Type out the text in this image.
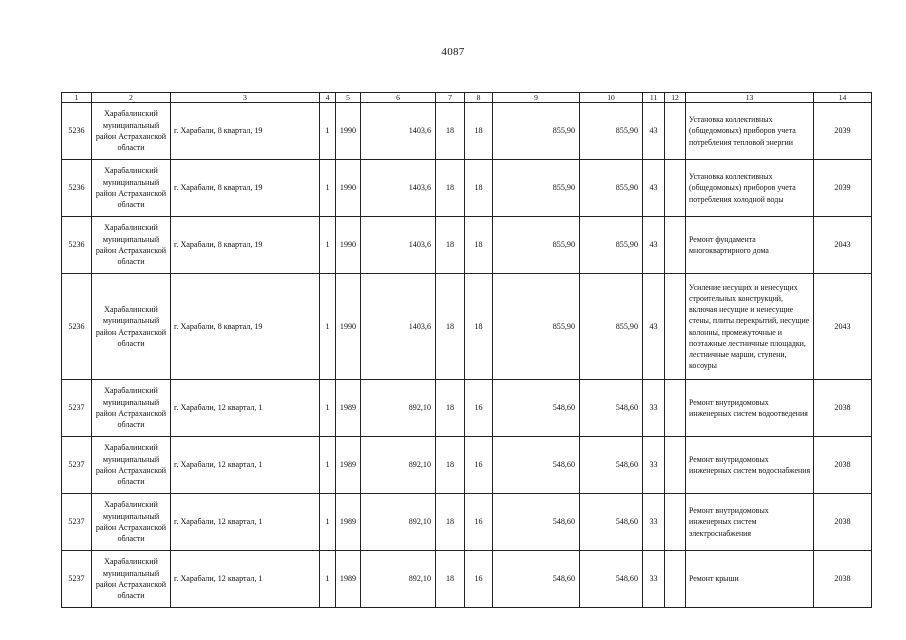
4087
1	2	3	4	5	6	7	8	9	10	11	12	13	14
5236	Харабалинский муниципальный район Астраханской области	г. Харабали, 8 квартал, 19	1	1990	1403,6	18	18	855,90	855,90	43		Установка коллективных (общедомовых) приборов учета потребления тепловой энергии	2039
5236	Харабалинский муниципальный район Астраханской области	г. Харабали, 8 квартал, 19	1	1990	1403,6	18	18	855,90	855,90	43		Установка коллективных (общедомовых) приборов учета потребления холодной воды	2039
5236	Харабалинский муниципальный район Астраханской области	г. Харабали, 8 квартал, 19	1	1990	1403,6	18	18	855,90	855,90	43		Ремонт фундамента многоквартирного дома	2043
5236	Харабалинский муниципальный район Астраханской области	г. Харабали, 8 квартал, 19	1	1990	1403,6	18	18	855,90	855,90	43		Усиление несущих и ненесущих строительных конструкций, включая несущие и ненесущие стены, плиты перекрытий, несущие колонны, промежуточные и поэтажные лестничные площадки, лестничные марши, ступени, косоуры	2043
5237	Харабалинский муниципальный район Астраханской области	г. Харабали, 12 квартал, 1	1	1989	892,10	18	16	548,60	548,60	33		Ремонт внутридомовых инженерных систем водоотведения	2038
5237	Харабалинский муниципальный район Астраханской области	г. Харабали, 12 квартал, 1	1	1989	892,10	18	16	548,60	548,60	33		Ремонт внутридомовых инженерных систем водоснабжения	2038
5237	Харабалинский муниципальный район Астраханской области	г. Харабали, 12 квартал, 1	1	1989	892,10	18	16	548,60	548,60	33		Ремонт внутридомовых инженерных систем электроснабжения	2038
5237	Харабалинский муниципальный район Астраханской области	г. Харабали, 12 квартал, 1	1	1989	892,10	18	16	548,60	548,60	33		Ремонт крыши	2038
